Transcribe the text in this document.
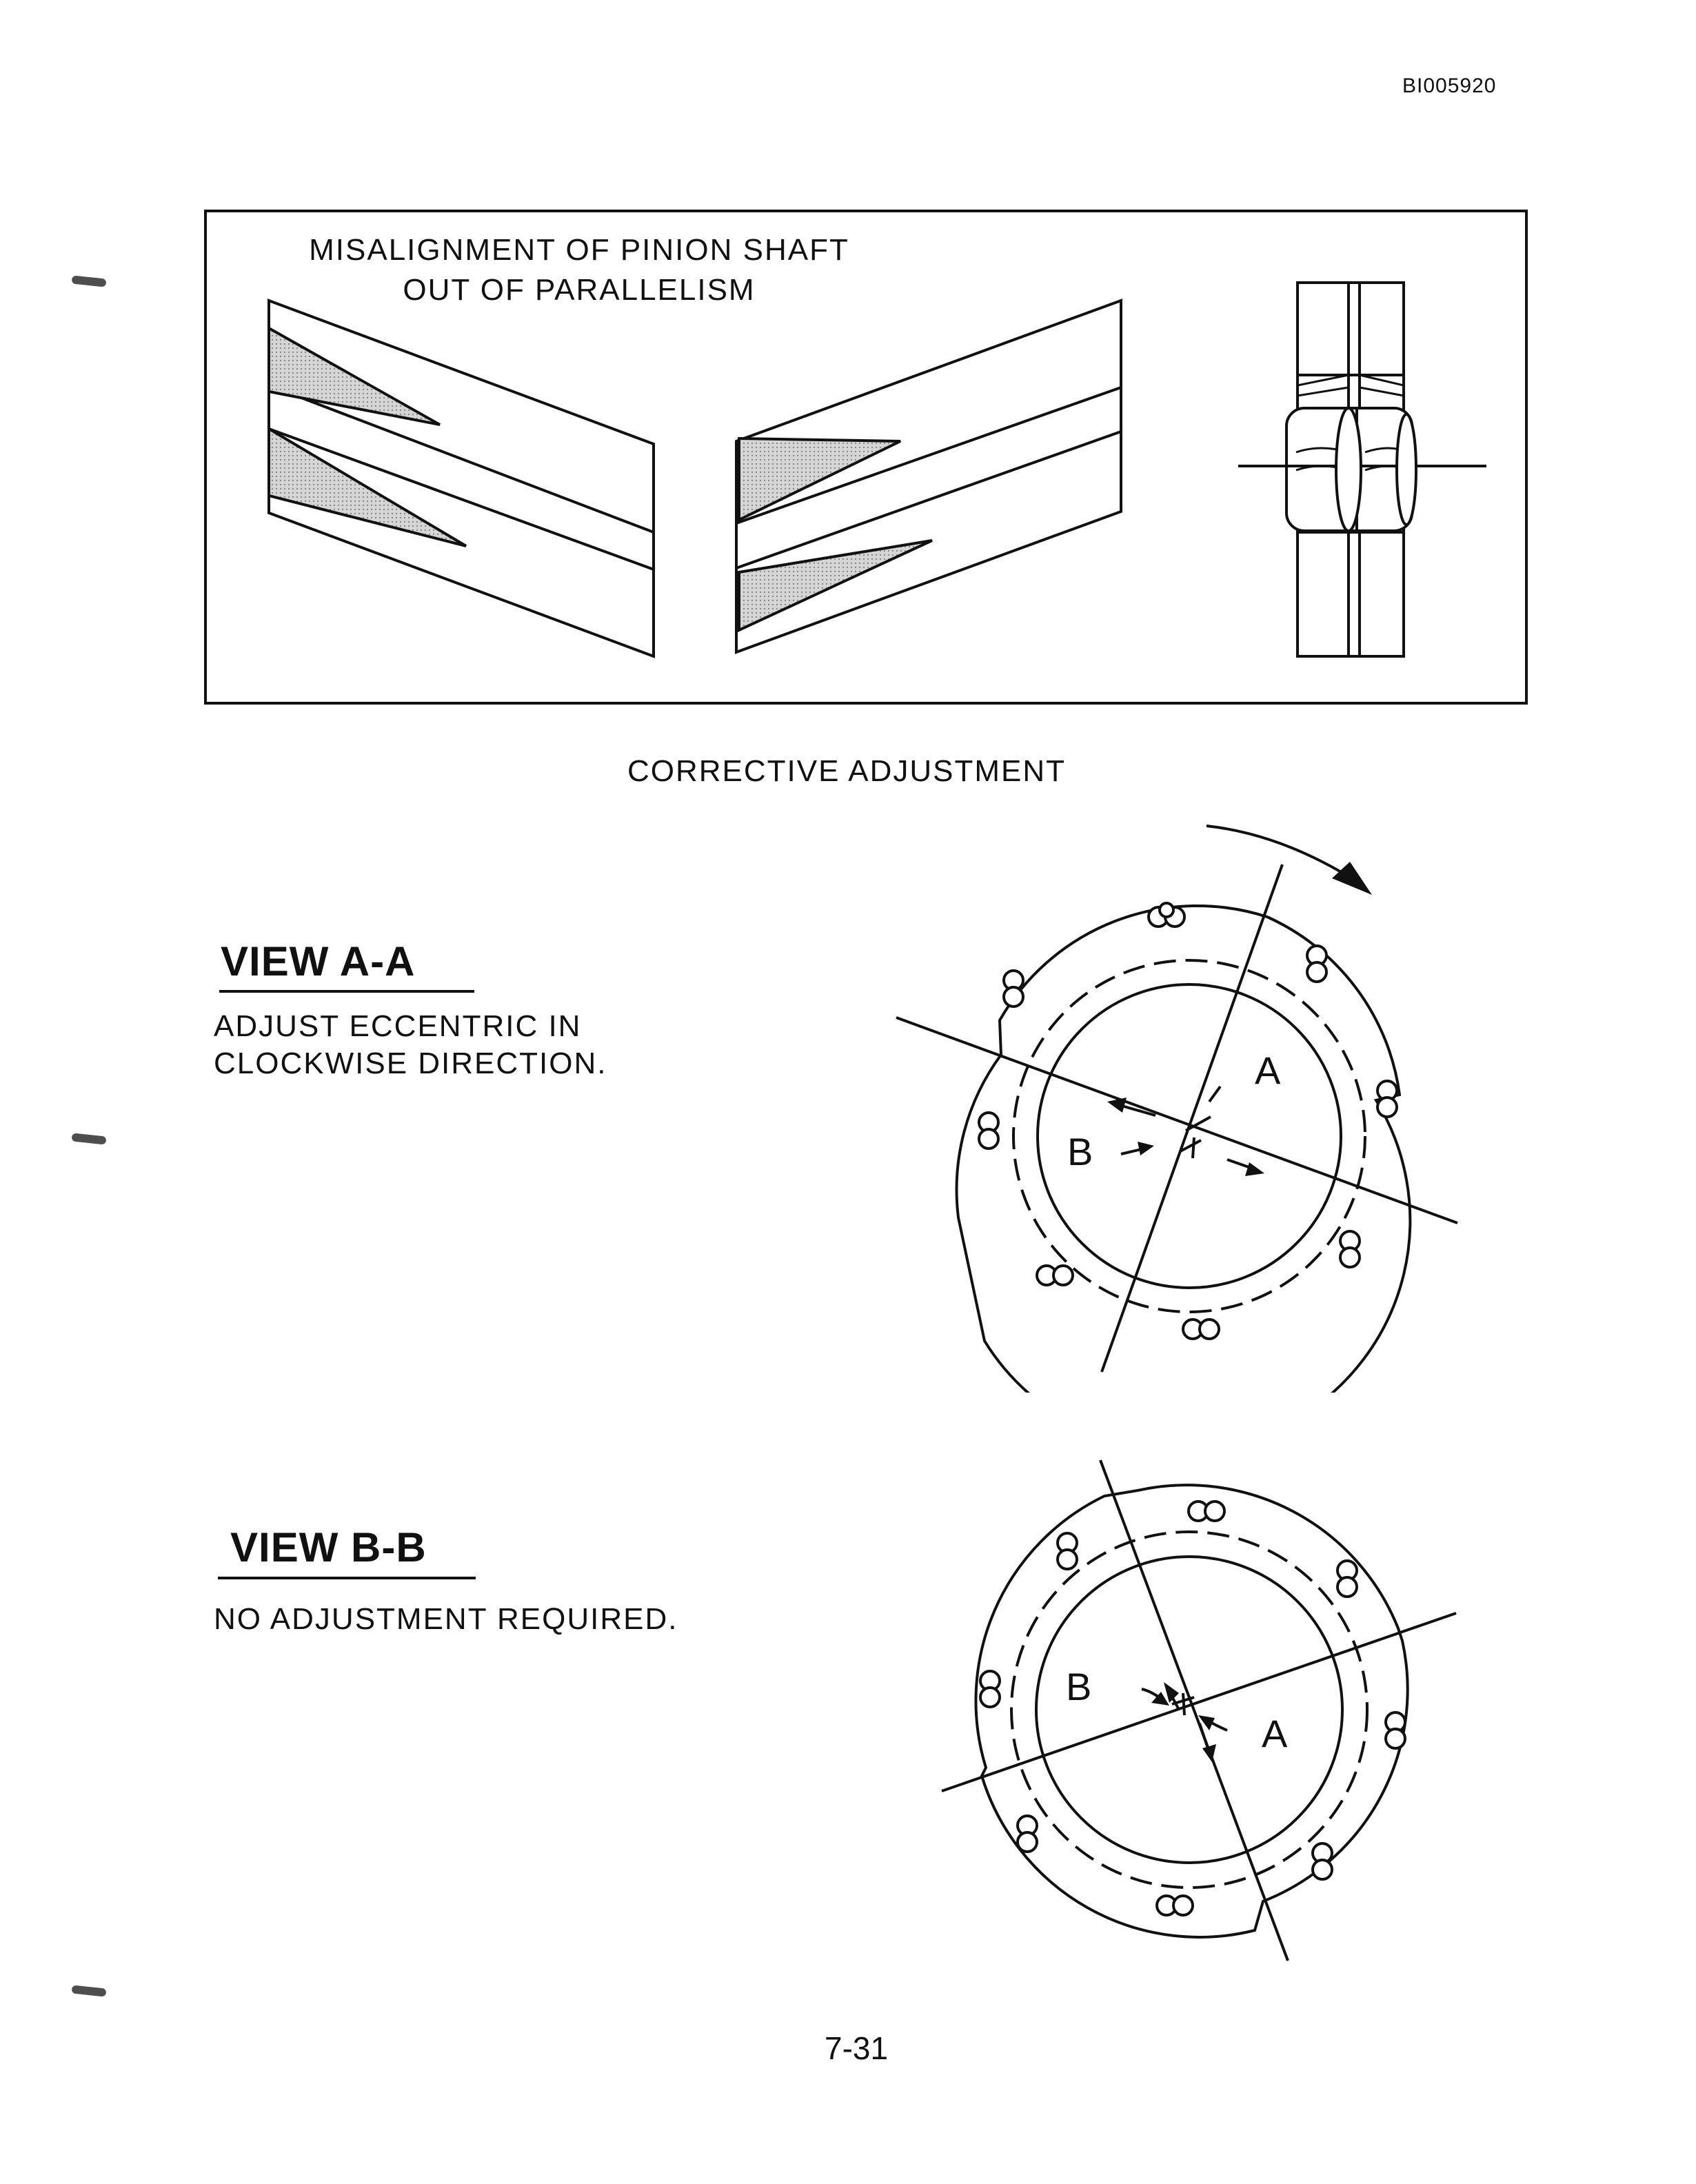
BI005920
MISALIGNMENT OF PINION SHAFT
OUT OF PARALLELISM
CORRECTIVE ADJUSTMENT
VIEW A-A
ADJUST ECCENTRIC IN
CLOCKWISE DIRECTION.	A
B
VIEW B-B
NO ADJUSTMENT REQUIRED.
B
A
7-31
